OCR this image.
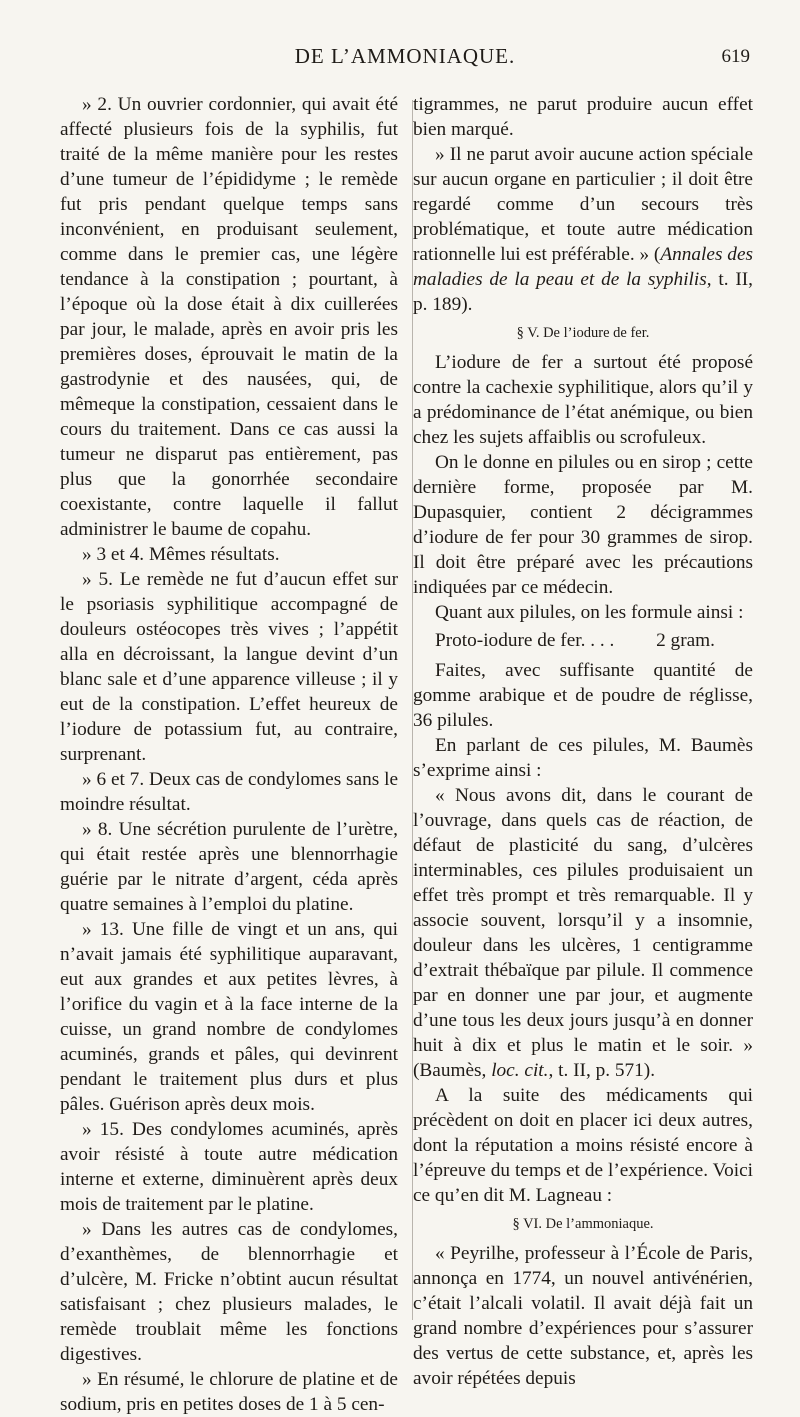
DE L’AMMONIAQUE.	619

» 2. Un ouvrier cordonnier, qui avait été affecté plusieurs fois de la syphilis, fut traité de la même manière pour les restes d’une tumeur de l’épididyme ; le remède fut pris pendant quelque temps sans inconvénient, en produisant seulement, comme dans le premier cas, une légère tendance à la constipation ; pourtant, à l’époque où la dose était à dix cuillerées par jour, le malade, après en avoir pris les premières doses, éprouvait le matin de la gastrodynie et des nausées, qui, de mêmeque la constipation, cessaient dans le cours du traitement. Dans ce cas aussi la tumeur ne disparut pas entièrement, pas plus que la gonorrhée secondaire coexistante, contre laquelle il fallut administrer le baume de copahu.

» 3 et 4. Mêmes résultats.

» 5. Le remède ne fut d’aucun effet sur le psoriasis syphilitique accompagné de douleurs ostéocopes très vives ; l’appétit alla en décroissant, la langue devint d’un blanc sale et d’une apparence villeuse ; il y eut de la constipation. L’effet heureux de l’iodure de potassium fut, au contraire, surprenant.

» 6 et 7. Deux cas de condylomes sans le moindre résultat.

» 8. Une sécrétion purulente de l’urètre, qui était restée après une blennorrhagie guérie par le nitrate d’argent, céda après quatre semaines à l’emploi du platine.

» 13. Une fille de vingt et un ans, qui n’avait jamais été syphilitique auparavant, eut aux grandes et aux petites lèvres, à l’orifice du vagin et à la face interne de la cuisse, un grand nombre de condylomes acuminés, grands et pâles, qui devinrent pendant le traitement plus durs et plus pâles. Guérison après deux mois.

» 15. Des condylomes acuminés, après avoir résisté à toute autre médication interne et externe, diminuèrent après deux mois de traitement par le platine.

» Dans les autres cas de condylomes, d’exanthèmes, de blennorrhagie et d’ulcère, M. Fricke n’obtint aucun résultat satisfaisant ; chez plusieurs malades, le remède troublait même les fonctions digestives.

» En résumé, le chlorure de platine et de sodium, pris en petites doses de 1 à 5 cen-

tigrammes, ne parut produire aucun effet bien marqué.

» Il ne parut avoir aucune action spéciale sur aucun organe en particulier ; il doit être regardé comme d’un secours très problématique, et toute autre médication rationnelle lui est préférable. » (Annales des maladies de la peau et de la syphilis, t. II, p. 189).

§ V. De l’iodure de fer.

L’iodure de fer a surtout été proposé contre la cachexie syphilitique, alors qu’il y a prédominance de l’état anémique, ou bien chez les sujets affaiblis ou scrofuleux.

On le donne en pilules ou en sirop ; cette dernière forme, proposée par M. Dupasquier, contient 2 décigrammes d’iodure de fer pour 30 grammes de sirop. Il doit être préparé avec les précautions indiquées par ce médecin.

Quant aux pilules, on les formule ainsi :

Proto-iodure de fer. . . . 2 gram.

Faites, avec suffisante quantité de gomme arabique et de poudre de réglisse, 36 pilules.

En parlant de ces pilules, M. Baumès s’exprime ainsi :

« Nous avons dit, dans le courant de l’ouvrage, dans quels cas de réaction, de défaut de plasticité du sang, d’ulcères interminables, ces pilules produisaient un effet très prompt et très remarquable. Il y associe souvent, lorsqu’il y a insomnie, douleur dans les ulcères, 1 centigramme d’extrait thébaïque par pilule. Il commence par en donner une par jour, et augmente d’une tous les deux jours jusqu’à en donner huit à dix et plus le matin et le soir. » (Baumès, loc. cit., t. II, p. 571).

A la suite des médicaments qui précèdent on doit en placer ici deux autres, dont la réputation a moins résisté encore à l’épreuve du temps et de l’expérience. Voici ce qu’en dit M. Lagneau :

§ VI. De l’ammoniaque.

« Peyrilhe, professeur à l’École de Paris, annonça en 1774, un nouvel antivénérien, c’était l’alcali volatil. Il avait déjà fait un grand nombre d’expériences pour s’assurer des vertus de cette substance, et, après les avoir répétées depuis
